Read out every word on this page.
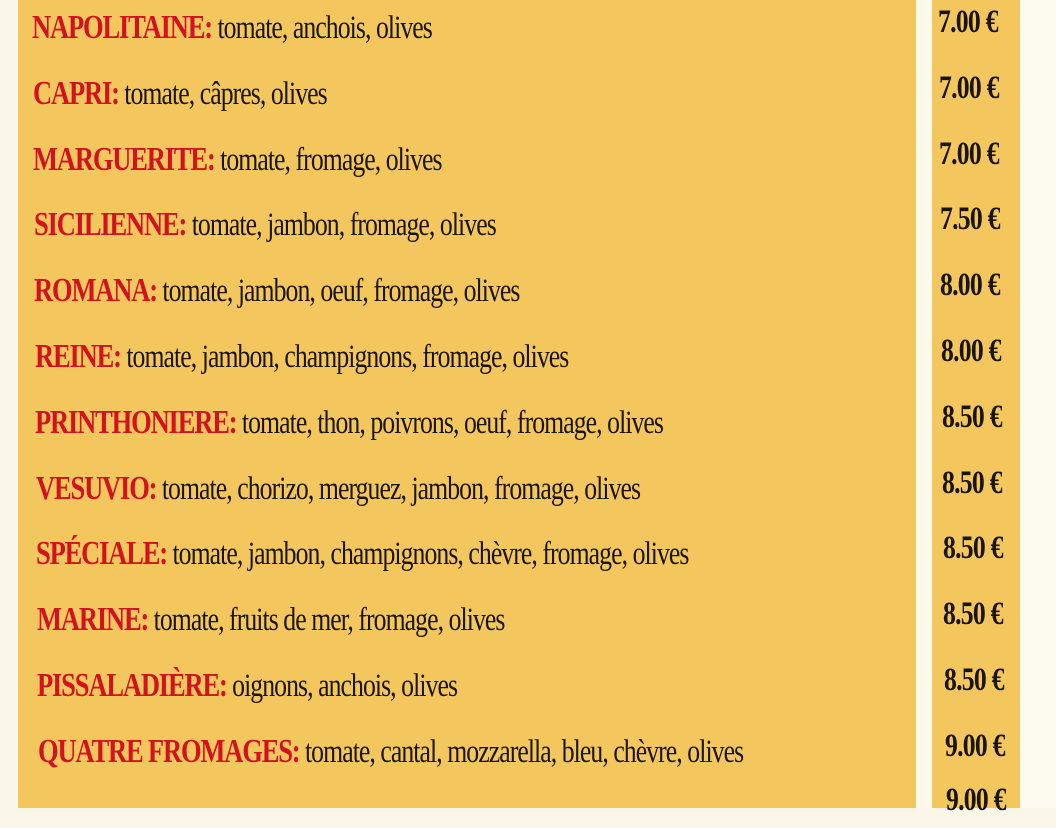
NAPOLITAINE: tomate, anchois, olives	7.00 €
CAPRI: tomate, câpres, olives	7.00 €
MARGUERITE: tomate, fromage, olives	7.00 €
SICILIENNE: tomate, jambon, fromage, olives	7.50 €
ROMANA: tomate, jambon, oeuf, fromage, olives	8.00 €
REINE: tomate, jambon, champignons, fromage, olives	8.00 €
PRINTHONIERE: tomate, thon, poivrons, oeuf, fromage, olives	8.50 €
VESUVIO: tomate, chorizo, merguez, jambon, fromage, olives	8.50 €
SPÉCIALE: tomate, jambon, champignons, chèvre, fromage, olives	8.50 €
MARINE: tomate, fruits de mer, fromage, olives	8.50 €
PISSALADIÈRE: oignons, anchois, olives	8.50 €
QUATRE FROMAGES: tomate, cantal, mozzarella, bleu, chèvre, olives	9.00 €
9.00 €
